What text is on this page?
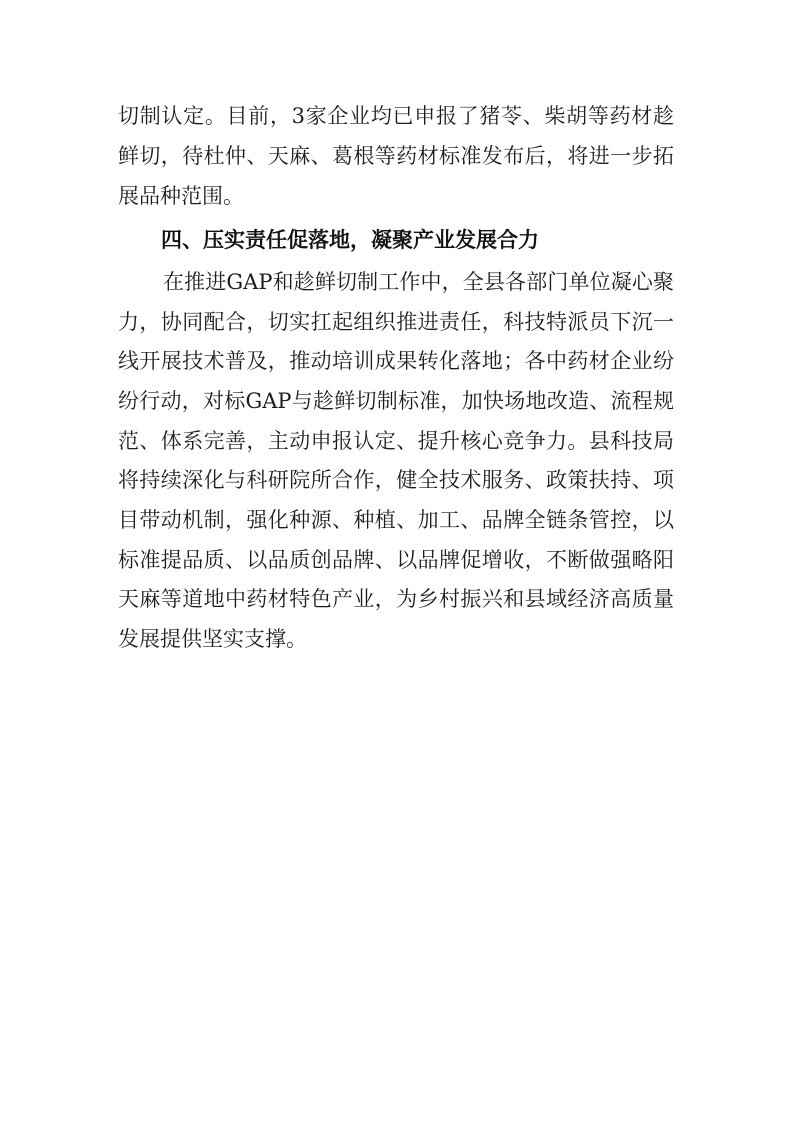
切制认定。目前，3家企业均已申报了猪苓、柴胡等药材趁
鲜切，待杜仲、天麻、葛根等药材标准发布后，将进一步拓
展品种范围。
四、压实责任促落地，凝聚产业发展合力
在推进GAP和趁鲜切制工作中，全县各部门单位凝心聚
力，协同配合，切实扛起组织推进责任，科技特派员下沉一
线开展技术普及，推动培训成果转化落地；各中药材企业纷
纷行动，对标GAP与趁鲜切制标准，加快场地改造、流程规
范、体系完善，主动申报认定、提升核心竞争力。县科技局
将持续深化与科研院所合作，健全技术服务、政策扶持、项
目带动机制，强化种源、种植、加工、品牌全链条管控，以
标准提品质、以品质创品牌、以品牌促增收，不断做强略阳
天麻等道地中药材特色产业，为乡村振兴和县域经济高质量
发展提供坚实支撑。
